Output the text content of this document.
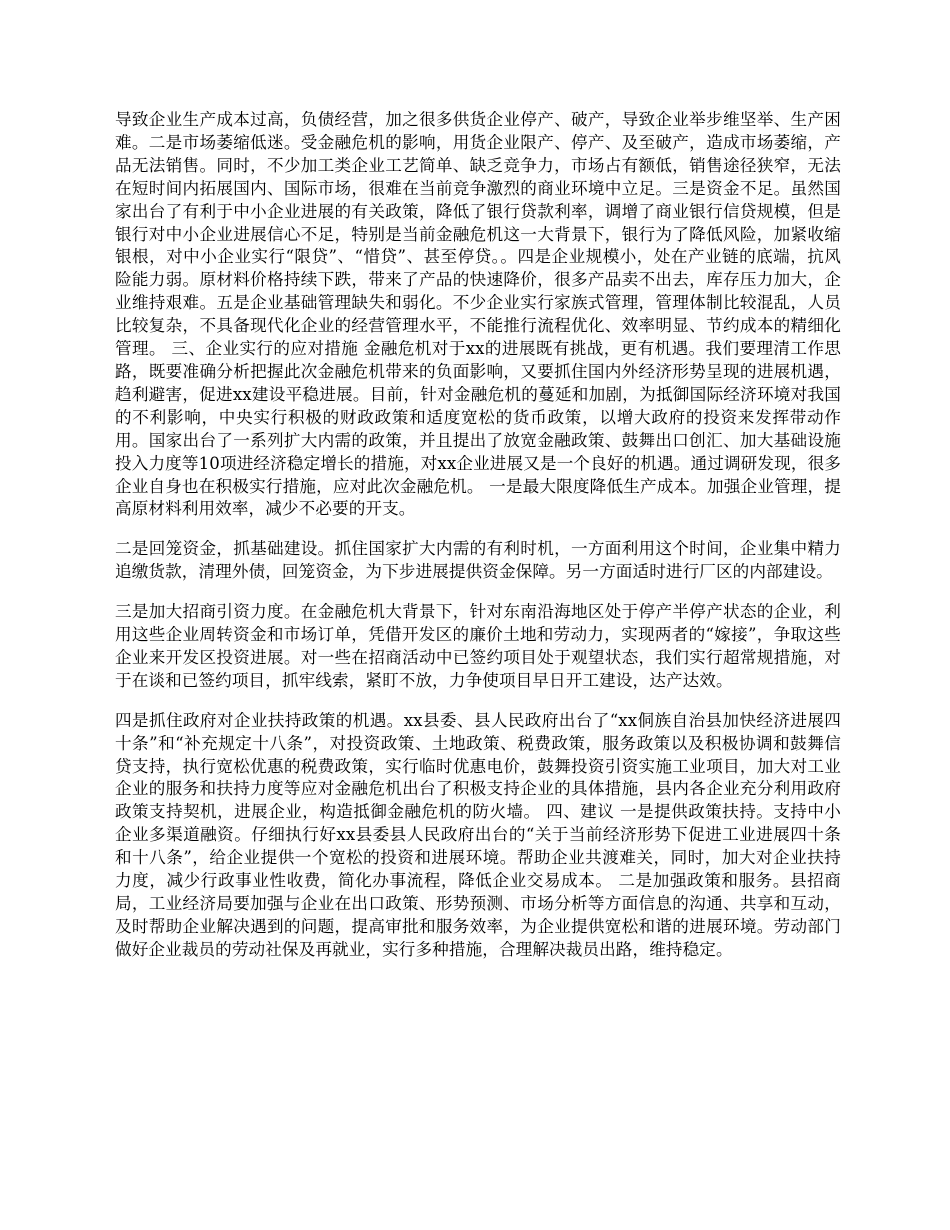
导致企业生产成本过高，负债经营，加之很多供货企业停产、破产，导致企业举步维坚举、生产困难。二是市场萎缩低迷。受金融危机的影响，用货企业限产、停产、及至破产，造成市场萎缩，产品无法销售。同时，不少加工类企业工艺简单、缺乏竞争力，市场占有额低，销售途径狭窄，无法在短时间内拓展国内、国际市场，很难在当前竞争激烈的商业环境中立足。三是资金不足。虽然国家出台了有利于中小企业进展的有关政策，降低了银行贷款利率，调增了商业银行信贷规模，但是银行对中小企业进展信心不足，特别是当前金融危机这一大背景下，银行为了降低风险，加紧收缩银根，对中小企业实行“限贷”、“惜贷”、甚至停贷。。四是企业规模小，处在产业链的底端，抗风险能力弱。原材料价格持续下跌，带来了产品的快速降价，很多产品卖不出去，库存压力加大，企业维持艰难。五是企业基础管理缺失和弱化。不少企业实行家族式管理，管理体制比较混乱，人员比较复杂，不具备现代化企业的经营管理水平，不能推行流程优化、效率明显、节约成本的精细化管理。 三、企业实行的应对措施 金融危机对于xx的进展既有挑战，更有机遇。我们要理清工作思路，既要准确分析把握此次金融危机带来的负面影响，又要抓住国内外经济形势呈现的进展机遇，趋利避害，促进xx建设平稳进展。目前，针对金融危机的蔓延和加剧，为抵御国际经济环境对我国的不利影响，中央实行积极的财政政策和适度宽松的货币政策，以增大政府的投资来发挥带动作用。国家出台了一系列扩大内需的政策，并且提出了放宽金融政策、鼓舞出口创汇、加大基础设施投入力度等10项进经济稳定增长的措施，对xx企业进展又是一个良好的机遇。通过调研发现，很多企业自身也在积极实行措施，应对此次金融危机。 一是最大限度降低生产成本。加强企业管理，提高原材料利用效率，减少不必要的开支。

二是回笼资金，抓基础建设。抓住国家扩大内需的有利时机，一方面利用这个时间，企业集中精力追缴货款，清理外债，回笼资金，为下步进展提供资金保障。另一方面适时进行厂区的内部建设。

三是加大招商引资力度。在金融危机大背景下，针对东南沿海地区处于停产半停产状态的企业，利用这些企业周转资金和市场订单，凭借开发区的廉价土地和劳动力，实现两者的“嫁接”，争取这些企业来开发区投资进展。对一些在招商活动中已签约项目处于观望状态，我们实行超常规措施，对于在谈和已签约项目，抓牢线索，紧盯不放，力争使项目早日开工建设，达产达效。

四是抓住政府对企业扶持政策的机遇。xx县委、县人民政府出台了“xx侗族自治县加快经济进展四十条”和“补充规定十八条”，对投资政策、土地政策、税费政策，服务政策以及积极协调和鼓舞信贷支持，执行宽松优惠的税费政策，实行临时优惠电价，鼓舞投资引资实施工业项目，加大对工业企业的服务和扶持力度等应对金融危机出台了积极支持企业的具体措施，县内各企业充分利用政府政策支持契机，进展企业，构造抵御金融危机的防火墙。 四、建议 一是提供政策扶持。支持中小企业多渠道融资。仔细执行好xx县委县人民政府出台的“关于当前经济形势下促进工业进展四十条和十八条”，给企业提供一个宽松的投资和进展环境。帮助企业共渡难关，同时，加大对企业扶持力度，减少行政事业性收费，简化办事流程，降低企业交易成本。 二是加强政策和服务。县招商局，工业经济局要加强与企业在出口政策、形势预测、市场分析等方面信息的沟通、共享和互动，及时帮助企业解决遇到的问题，提高审批和服务效率，为企业提供宽松和谐的进展环境。劳动部门做好企业裁员的劳动社保及再就业，实行多种措施，合理解决裁员出路，维持稳定。
